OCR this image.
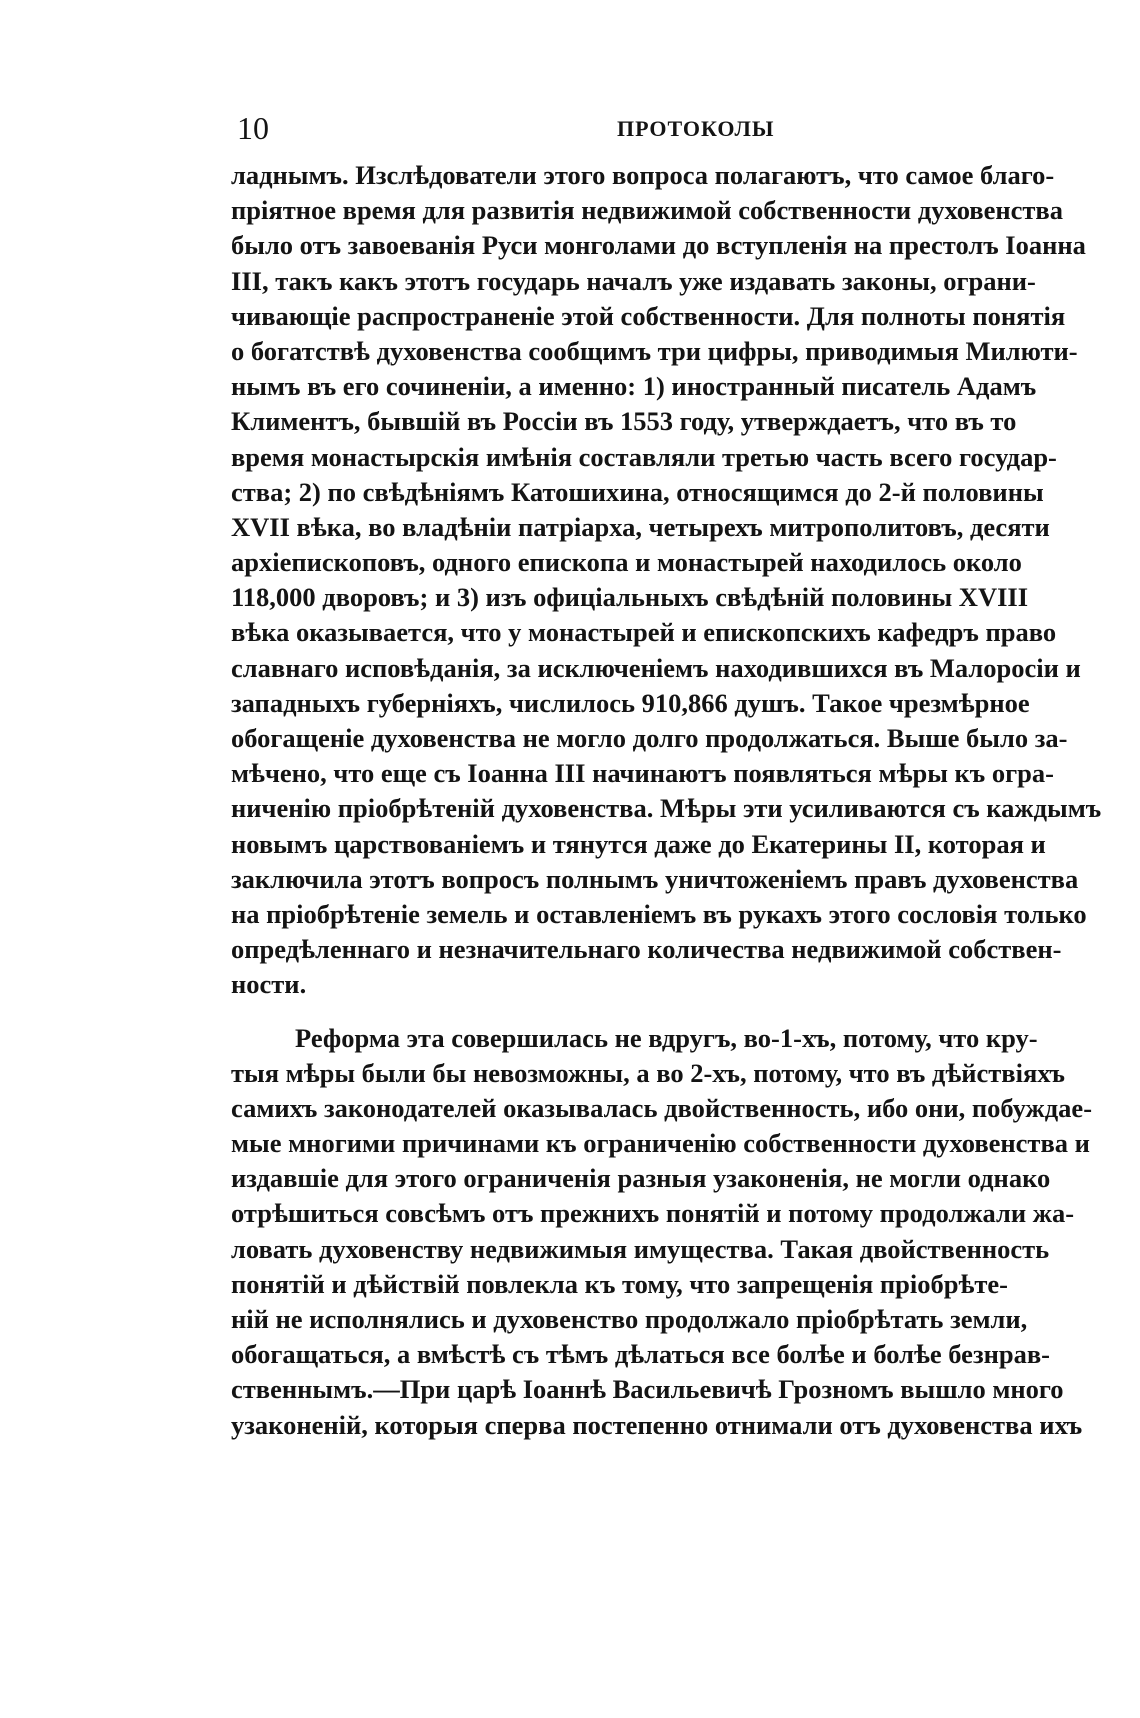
10	ПРОТОКОЛЫ
ладнымъ. Изслѣдователи этого вопроса полагаютъ, что самое благо-
пріятное время для развитія недвижимой собственности духовенства
было отъ завоеванія Руси монголами до вступленія на престолъ Іоанна
III, такъ какъ этотъ государь началъ уже издавать законы, ограни-
чивающіе распространеніе этой собственности. Для полноты понятія
о богатствѣ духовенства сообщимъ три цифры, приводимыя Милюти-
нымъ въ его сочиненіи, а именно: 1) иностранный писатель Адамъ
Климентъ, бывшій въ Россіи въ 1553 году, утверждаетъ, что въ то
время монастырскія имѣнія составляли третью часть всего государ-
ства; 2) по свѣдѣніямъ Катошихина, относящимся до 2-й половины
XVII вѣка, во владѣніи патріарха, четырехъ митрополитовъ, десяти
архіепископовъ, одного епископа и монастырей находилось около
118,000 дворовъ; и 3) изъ офиціальныхъ свѣдѣній половины XVIII
вѣка оказывается, что у монастырей и епископскихъ кафедръ право
славнаго исповѣданія, за исключеніемъ находившихся въ Малоросіи и
западныхъ губерніяхъ, числилось 910,866 душъ. Такое чрезмѣрное
обогащеніе духовенства не могло долго продолжаться. Выше было за-
мѣчено, что еще съ Іоанна III начинаютъ появляться мѣры къ огра-
ниченію пріобрѣтеній духовенства. Мѣры эти усиливаются съ каждымъ
новымъ царствованіемъ и тянутся даже до Екатерины II, которая и
заключила этотъ вопросъ полнымъ уничтоженіемъ правъ духовенства
на пріобрѣтеніе земель и оставленіемъ въ рукахъ этого сословія только
опредѣленнаго и незначительнаго количества недвижимой собствен-
ности.
Реформа эта совершилась не вдругъ, во-1-хъ, потому, что кру-
тыя мѣры были бы невозможны, а во 2-хъ, потому, что въ дѣйствіяхъ
самихъ законодателей оказывалась двойственность, ибо они, побуждае-
мые многими причинами къ ограниченію собственности духовенства и
издавшіе для этого ограниченія разныя узаконенія, не могли однако
отрѣшиться совсѣмъ отъ прежнихъ понятій и потому продолжали жа-
ловать духовенству недвижимыя имущества. Такая двойственность
понятій и дѣйствій повлекла къ тому, что запрещенія пріобрѣте-
ній не исполнялись и духовенство продолжало пріобрѣтать земли,
обогащаться, а вмѣстѣ съ тѣмъ дѣлаться все болѣе и болѣе безнрав-
ственнымъ.—При царѣ Іоаннѣ Васильевичѣ Грозномъ вышло много
узаконеній, которыя сперва постепенно отнимали отъ духовенства ихъ
